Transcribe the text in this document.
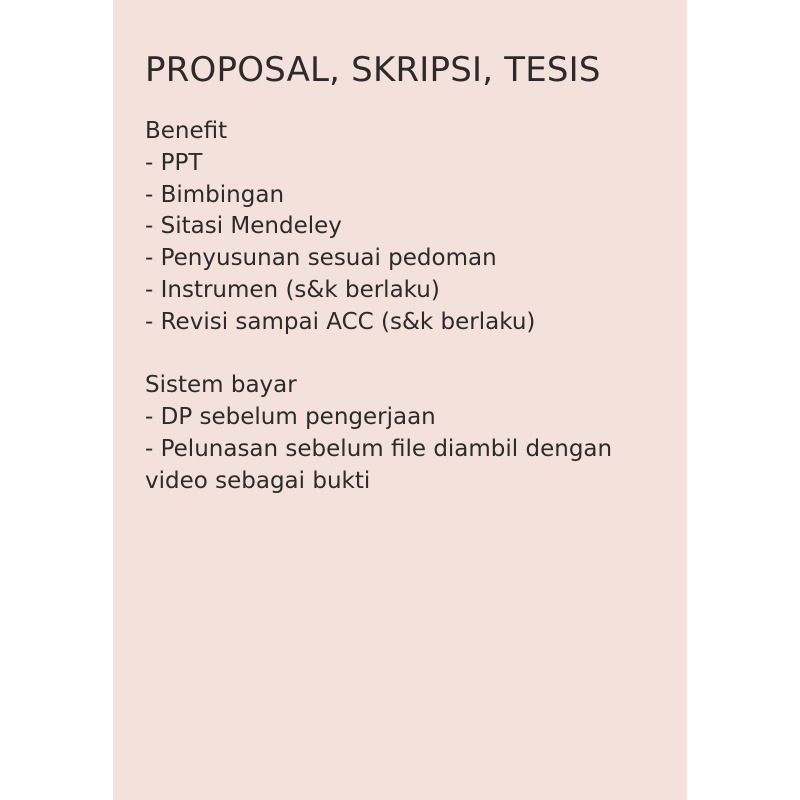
PROPOSAL, SKRIPSI, TESIS
Benefit
- PPT
- Bimbingan
- Sitasi Mendeley
- Penyusunan sesuai pedoman
- Instrumen (s&k berlaku)
- Revisi sampai ACC (s&k berlaku)
Sistem bayar
- DP sebelum pengerjaan
- Pelunasan sebelum file diambil dengan
video sebagai bukti
